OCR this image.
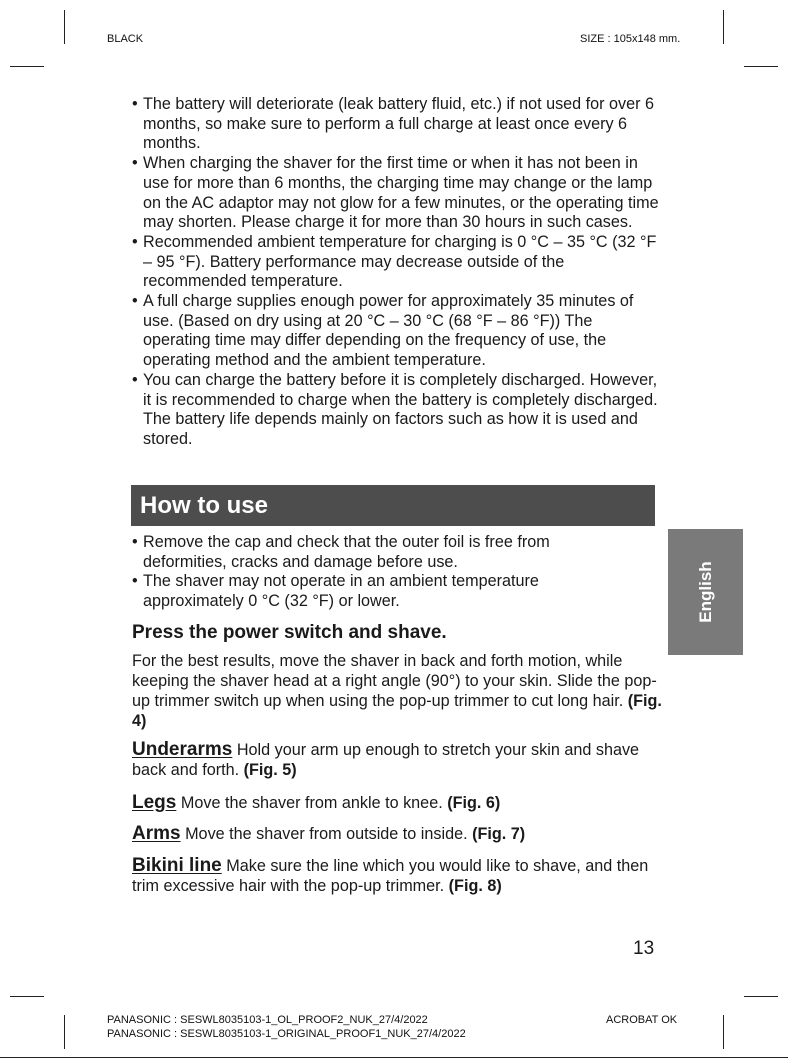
BLACK	SIZE : 105x148 mm.
• The battery will deteriorate (leak battery fluid, etc.) if not used for over 6 months, so make sure to perform a full charge at least once every 6 months.
• When charging the shaver for the first time or when it has not been in use for more than 6 months, the charging time may change or the lamp on the AC adaptor may not glow for a few minutes, or the operating time may shorten. Please charge it for more than 30 hours in such cases.
• Recommended ambient temperature for charging is 0 °C – 35 °C (32 °F – 95 °F). Battery performance may decrease outside of the recommended temperature.
• A full charge supplies enough power for approximately 35 minutes of use. (Based on dry using at 20 °C – 30 °C (68 °F – 86 °F)) The operating time may differ depending on the frequency of use, the operating method and the ambient temperature.
• You can charge the battery before it is completely discharged. However, it is recommended to charge when the battery is completely discharged. The battery life depends mainly on factors such as how it is used and stored.
How to use
English
• Remove the cap and check that the outer foil is free from deformities, cracks and damage before use.
• The shaver may not operate in an ambient temperature approximately 0 °C (32 °F) or lower.
Press the power switch and shave.
For the best results, move the shaver in back and forth motion, while keeping the shaver head at a right angle (90°) to your skin. Slide the pop-up trimmer switch up when using the pop-up trimmer to cut long hair. (Fig. 4)
Underarms Hold your arm up enough to stretch your skin and shave back and forth. (Fig. 5)
Legs Move the shaver from ankle to knee. (Fig. 6)
Arms Move the shaver from outside to inside. (Fig. 7)
Bikini line Make sure the line which you would like to shave, and then trim excessive hair with the pop-up trimmer. (Fig. 8)
13
PANASONIC : SESWL8035103-1_OL_PROOF2_NUK_27/4/2022
PANASONIC : SESWL8035103-1_ORIGINAL_PROOF1_NUK_27/4/2022
ACROBAT OK
